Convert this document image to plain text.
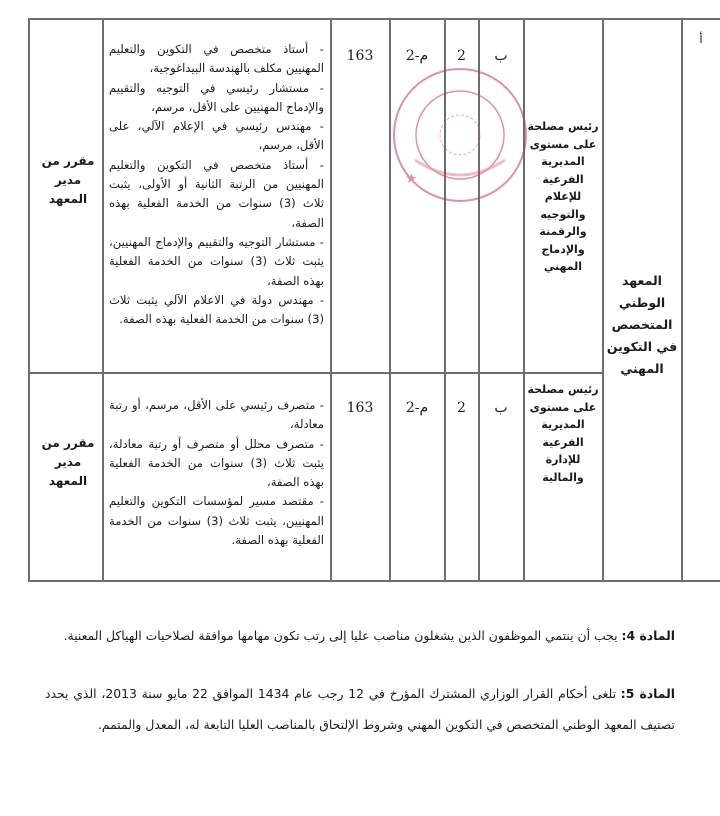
★
أ
المعهد الوطني المتخصص في التكوين المهني
رئيس مصلحة على مستوى المديرية الفرعية للإعلام والتوجيه والرقمنة والإدماج المهني
ب
2
م-2
163

- أستاذ متخصص في التكوين والتعليم المهنيين مكلف بالهندسة البيداغوجية،

- مستشار رئيسي في التوجيه والتقييم والإدماج المهنيين على الأقل، مرسم،

- مهندس رئيسي في الإعلام الآلي، على الأقل، مرسم،

- أستاذ متخصص في التكوين والتعليم المهنيين من الرتبة الثانية أو الأولى، يثبت ثلاث (3) سنوات من الخدمة الفعلية بهذه الصفة،

- مستشار التوجيه والتقييم والإدماج المهنيين، يثبت ثلاث (3) سنوات من الخدمة الفعلية بهذه الصفة،

- مهندس دولة في الاعلام الآلي يثبت ثلاث (3) سنوات من الخدمة الفعلية بهذه الصفة.

مقرر من مدير المعهد
رئيس مصلحة على مستوى المديرية الفرعية للإدارة والمالية
ب
2
م-2
163

- متصرف رئيسي على الأقل، مرسم، أو رتبة معادلة،

- متصرف محلل أو متصرف أو رتبة معادلة، يثبت ثلاث (3) سنوات من الخدمة الفعلية بهذه الصفة،

- مقتصد مسير لمؤسسات التكوين والتعليم المهنيين، يثبت ثلاث (3) سنوات من الخدمة الفعلية بهذه الصفة.

مقرر من مدير المعهد
المادة 4: يجب أن ينتمي الموظفون الذين يشغلون مناصب عليا إلى رتب تكون مهامها موافقة لصلاحيات الهياكل المعنية.
المادة 5: تلغى أحكام القرار الوزاري المشترك المؤرخ في 12 رجب عام 1434 الموافق 22 مايو سنة 2013، الذي يحدد تصنيف المعهد الوطني المتخصص في التكوين المهني وشروط الإلتحاق بالمناصب العليا التابعة له، المعدل والمتمم.
